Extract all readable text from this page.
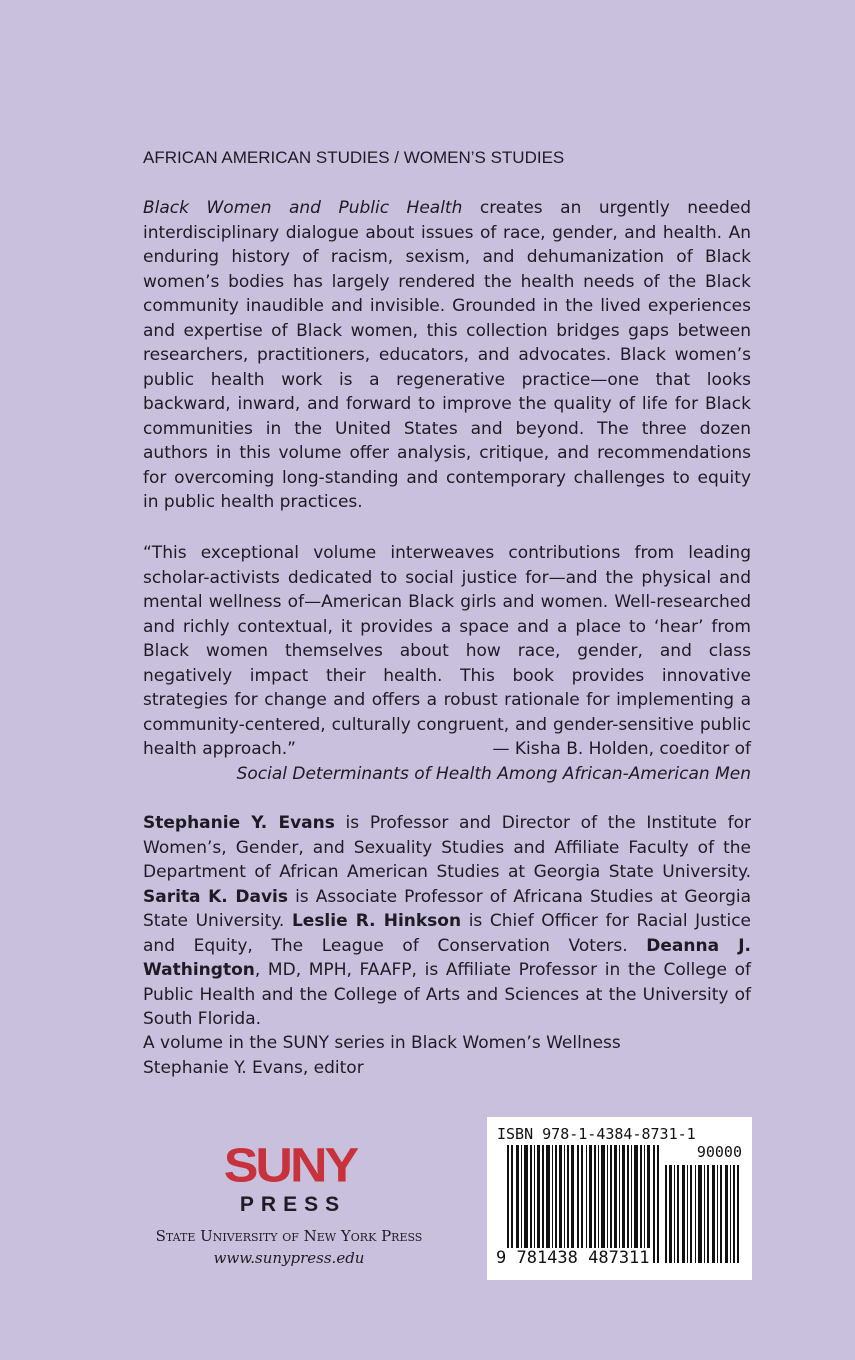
AFRICAN AMERICAN STUDIES / WOMEN’S STUDIES
Black Women and Public Health creates an urgently needed interdisciplinary dialogue about issues of race, gender, and health. An enduring history of racism, sexism, and dehumanization of Black women’s bodies has largely rendered the health needs of the Black community inaudible and invisible. Grounded in the lived experiences and expertise of Black women, this collection bridges gaps between researchers, practitioners, educators, and advocates. Black women’s public health work is a regenerative practice—one that looks backward, inward, and forward to improve the quality of life for Black communities in the United States and beyond. The three dozen authors in this volume offer analysis, critique, and recommendations for overcoming long-standing and contemporary challenges to equity in public health practices.
“This exceptional volume interweaves contributions from leading scholar-activists dedicated to social justice for—and the physical and mental wellness of—American Black girls and women. Well-researched and richly contextual, it provides a space and a place to ‘hear’ from Black women themselves about how race, gender, and class negatively impact their health. This book provides innovative strategies for change and offers a robust rationale for implementing a community-centered, culturally congruent, and gender-sensitive public health approach.”	— Kisha B. Holden, coeditor of
Social Determinants of Health Among African-American Men
Stephanie Y. Evans is Professor and Director of the Institute for Women’s, Gender, and Sexuality Studies and Affiliate Faculty of the Department of African American Studies at Georgia State University. Sarita K. Davis is Associate Professor of Africana Studies at Georgia State University. Leslie R. Hinkson is Chief Officer for Racial Justice and Equity, The League of Conservation Voters. Deanna J. Wathington, MD, MPH, FAAFP, is Affiliate Professor in the College of Public Health and the College of Arts and Sciences at the University of South Florida.
A volume in the SUNY series in Black Women’s Wellness
Stephanie Y. Evans, editor
SUNY
PRESS
State University of New York Press
www.sunypress.edu
ISBN 978-1-4384-8731-1
90000
9 781438 487311
